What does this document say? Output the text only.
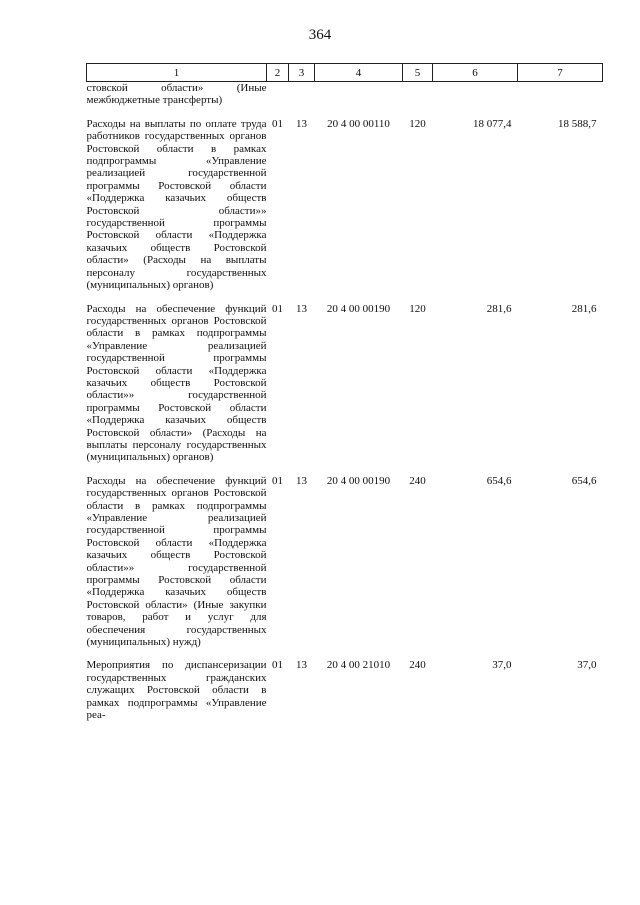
364
1	2	3	4	5	6	7
стовской области» (Иные межбюджетные трансферты)						

Расходы на выплаты по оплате труда работников государственных органов Ростовской области в рамках подпрограммы «Управление реализацией государственной программы Ростовской области «Поддержка казачьих обществ Ростовской области»» государственной программы Ростовской области «Поддержка казачьих обществ Ростовской области» (Расходы на выплаты персоналу государственных (муниципальных) органов)	01	13	20 4 00 00110	120	18 077,4	18 588,7

Расходы на обеспечение функций государственных органов Ростовской области в рамках подпрограммы «Управление реализацией государственной программы Ростовской области «Поддержка казачьих обществ Ростовской области»» государственной программы Ростовской области «Поддержка казачьих обществ Ростовской области» (Расходы на выплаты персоналу государственных (муниципальных) органов)	01	13	20 4 00 00190	120	281,6	281,6

Расходы на обеспечение функций государственных органов Ростовской области в рамках подпрограммы «Управление реализацией государственной программы Ростовской области «Поддержка казачьих обществ Ростовской области»» государственной программы Ростовской области «Поддержка казачьих обществ Ростовской области» (Иные закупки товаров, работ и услуг для обеспечения государственных (муниципальных) нужд)	01	13	20 4 00 00190	240	654,6	654,6

Мероприятия по диспансеризации государственных гражданских служащих Ростовской области в рамках подпрограммы «Управление реа-	01	13	20 4 00 21010	240	37,0	37,0
